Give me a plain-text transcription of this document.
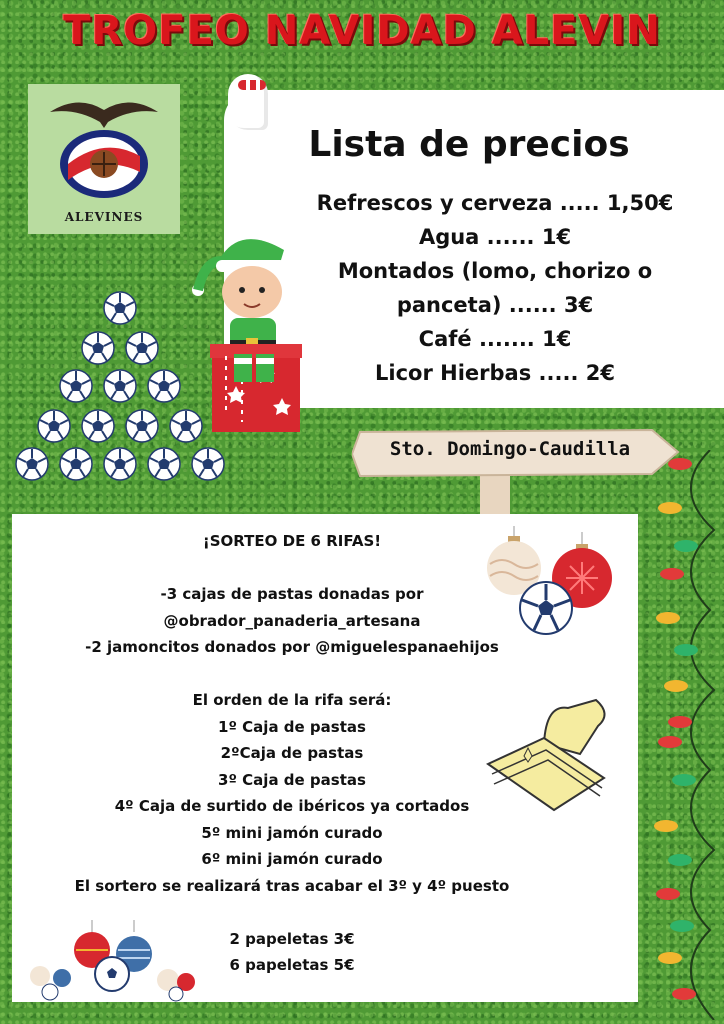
TROFEO NAVIDAD ALEVIN
ALEVINES
Lista de precios
Refrescos y cerveza ..... 1,50€
Agua ...... 1€
Montados (lomo, chorizo o
panceta) ...... 3€
Café ....... 1€
Licor Hierbas ..... 2€
Sto. Domingo-Caudilla
¡SORTEO DE 6 RIFAS!
-3 cajas de pastas donadas por
@obrador_panaderia_artesana
-2 jamoncitos donados por @miguelespanaehijos
El orden de la rifa será:
1º Caja de pastas
2ºCaja de pastas
3º Caja de pastas
4º Caja de surtido de ibéricos ya cortados
5º mini jamón curado
6º mini jamón curado
El sortero se realizará tras acabar el 3º y 4º puesto
2 papeletas 3€
6 papeletas 5€
